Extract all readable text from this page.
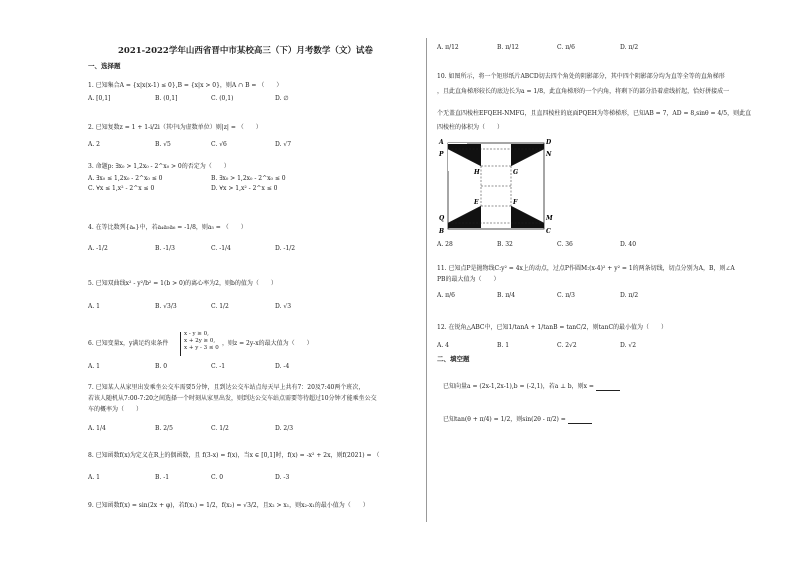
2021-2022学年山西省晋中市某校高三（下）月考数学（文）试卷
一、选择题
1. 已知集合A = {x|x(x-1) ≤ 0},B = {x|x > 0}，则A ∩ B = （　　）
A. [0,1]	B. (0,1]	C. (0,1)	D. ∅
2. 已知复数z = 1 + 1-i/2i（其中i为虚数单位）则|z| = （　　）
A. 2	B. √5	C. √6	D. √7
3. 命题p: ∃x₀ > 1,2x₀ - 2^x₀ > 0的否定为（　　）
A. ∃x₀ ≤ 1,2x₀ - 2^x₀ ≤ 0	B. ∃x₀ > 1,2x₀ - 2^x₀ ≤ 0
C. ∀x ≤ 1,x² - 2^x ≤ 0	D. ∀x > 1,x² - 2^x ≤ 0
4. 在等比数列{aₙ}中，若a₄a₅a₆ = -1/8，则a₅ = （　　）
A. -1/2	B. -1/3	C. -1/4	D. -1/2
5. 已知双曲线x² - y²/b² = 1(b > 0)的离心率为2，则b的值为（　　）
A. 1	B. √3/3	C. 1/2	D. √3
6. 已知变量x，y满足约束条件
x - y ≥ 0,
x + 2y ≥ 0,
x + y - 3 ≤ 0
，则z = 2y-x的最大值为（　　）
A. 1	B. 0	C. -1	D. -4
7. 已知某人从家里出发乘坐公交车需要5分钟，且到达公交车站点每天早上共有7：20及7:40两个班次，
若该人随机从7:00-7:20之间选择一个时刻从家里出发，则到达公交车站点需要等待超过10分钟才能乘坐公交
车的概率为（　　）
A. 1/4	B. 2/5	C. 1/2	D. 2/3
8. 已知函数f(x)为定义在R上的偶函数，且 f(3-x) = f(x)，当x ∈ [0,1]时，f(x) = -x² + 2x，则f(2021) = （
A. 1	B. -1	C. 0	D. -3
9. 已知函数f(x) = sin(2x + φ)，若f(x₁) = 1/2，f(x₂) = √3/2，且x₂ > x₁，则x₂-x₁的最小值为（　　）
A. π/12	B. π/12	C. π/6	D. π/2
10. 如图所示，将一个矩形纸片ABCD切去四个角处的阴影部分，其中四个阴影部分均为直等全等的直角梯形
，且此直角梯形较长的底边长为a = 1/8，此直角梯形的一个内角，将剩下的部分沿着虚线折起，恰好拼接成一
个无盖直四棱柱EFQEH-NMFG，且直四棱柱的底面PQEH为等梯梯形，已知AB = 7，AD = 8,sinθ = 4/5，则此直
四棱柱的体积为（　　）
A	D
P	N
H	G
E	F
Q	M
B	C
a
θ
A. 28	B. 32	C. 36	D. 40
11. 已知点P是抛物线C:y² = 4x上的动点，过点P作圆M:(x-4)² + y² = 1的两条切线，切点分别为A，B，则∠A
PB的最大值为（　　）
A. π/6	B. π/4	C. π/3	D. π/2
12. 在锐角△ABC中，已知1/tanA + 1/tanB = tanC/2，则tanC的最小值为（　　）
A. 4	B. 1	C. 2√2	D. √2
二、填空题
已知向量a = (2x-1,2x-1),b = (-2,1)，若a ⊥ b，则x =
已知tan(θ + π/4) = 1/2，则sin(2θ - π/2) =
